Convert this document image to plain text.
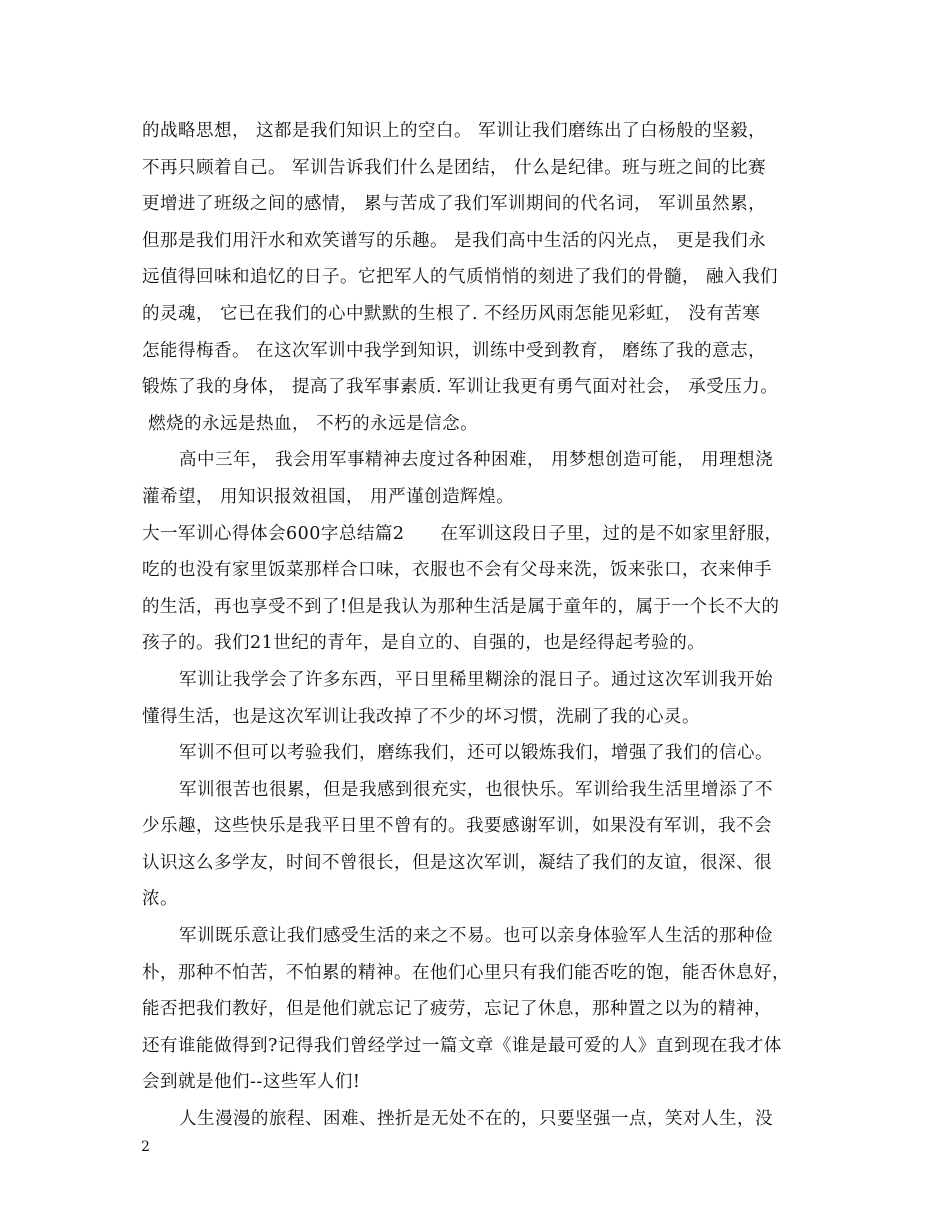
的战略思想， 这都是我们知识上的空白。 军训让我们磨练出了白杨般的坚毅，
不再只顾着自己。 军训告诉我们什么是团结， 什么是纪律。班与班之间的比赛
更增进了班级之间的感情， 累与苦成了我们军训期间的代名词， 军训虽然累，
但那是我们用汗水和欢笑谱写的乐趣。 是我们高中生活的闪光点， 更是我们永
远值得回味和追忆的日子。它把军人的气质悄悄的刻进了我们的骨髓， 融入我们
的灵魂， 它已在我们的心中默默的生根了. 不经历风雨怎能见彩虹， 没有苦寒
怎能得梅香。 在这次军训中我学到知识，训练中受到教育， 磨练了我的意志，
锻炼了我的身体， 提高了我军事素质. 军训让我更有勇气面对社会， 承受压力。
燃烧的永远是热血， 不朽的永远是信念。
高中三年， 我会用军事精神去度过各种困难， 用梦想创造可能， 用理想浇
灌希望， 用知识报效祖国， 用严谨创造辉煌。
大一军训心得体会600字总结篇2　　在军训这段日子里，过的是不如家里舒服，
吃的也没有家里饭菜那样合口味，衣服也不会有父母来洗，饭来张口，衣来伸手
的生活，再也享受不到了!但是我认为那种生活是属于童年的，属于一个长不大的
孩子的。我们21世纪的青年，是自立的、自强的，也是经得起考验的。
军训让我学会了许多东西，平日里稀里糊涂的混日子。通过这次军训我开始
懂得生活，也是这次军训让我改掉了不少的坏习惯，洗刷了我的心灵。
军训不但可以考验我们，磨练我们，还可以锻炼我们，增强了我们的信心。
军训很苦也很累，但是我感到很充实，也很快乐。军训给我生活里增添了不
少乐趣，这些快乐是我平日里不曾有的。我要感谢军训，如果没有军训，我不会
认识这么多学友，时间不曾很长，但是这次军训，凝结了我们的友谊，很深、很
浓。
军训既乐意让我们感受生活的来之不易。也可以亲身体验军人生活的那种俭
朴，那种不怕苦，不怕累的精神。在他们心里只有我们能否吃的饱，能否休息好，
能否把我们教好，但是他们就忘记了疲劳，忘记了休息，那种置之以为的精神，
还有谁能做得到?记得我们曾经学过一篇文章《谁是最可爱的人》直到现在我才体
会到就是他们--这些军人们!
人生漫漫的旅程、困难、挫折是无处不在的，只要坚强一点，笑对人生，没
2
